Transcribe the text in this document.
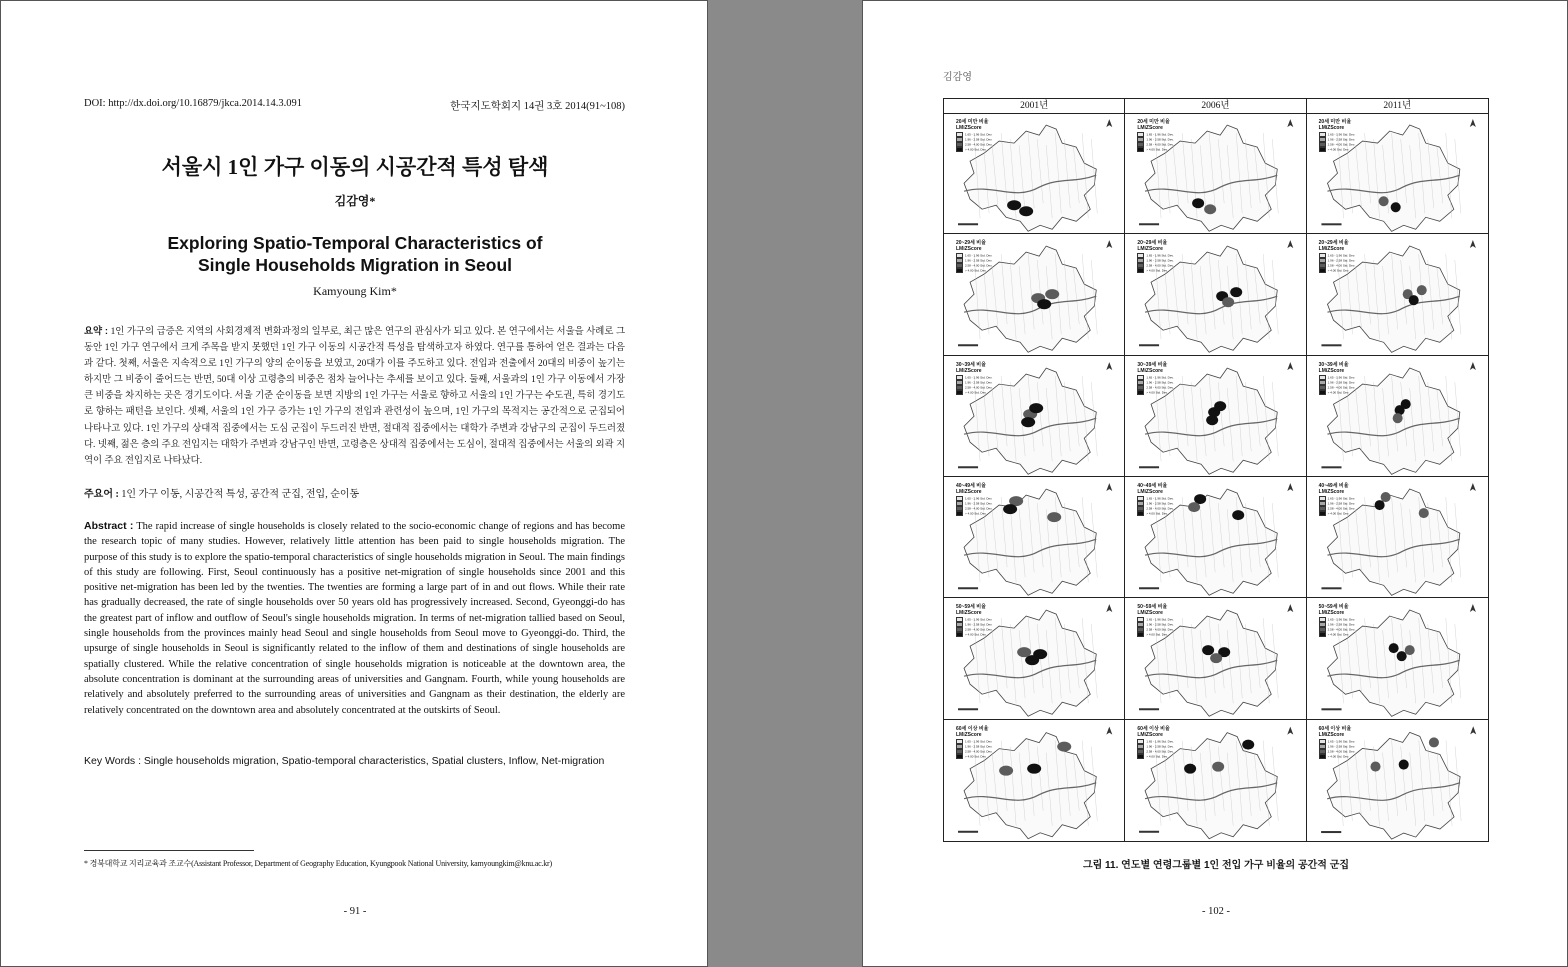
DOI: http://dx.doi.org/10.16879/jkca.2014.14.3.091	한국지도학회지 14권 3호 2014(91~108)
서울시 1인 가구 이동의 시공간적 특성 탐색
김감영*
Exploring Spatio-Temporal Characteristics of
Single Households Migration in Seoul
Kamyoung Kim*
요약 : 1인 가구의 급증은 지역의 사회경제적 변화과정의 일부로, 최근 많은 연구의 관심사가 되고 있다. 본 연구에서는 서울을 사례로 그 동안 1인 가구 연구에서 크게 주목을 받지 못했던 1인 가구 이동의 시공간적 특성을 탐색하고자 하였다. 연구를 통하여 얻은 결과는 다음과 같다. 첫째, 서울은 지속적으로 1인 가구의 양의 순이동을 보였고, 20대가 이를 주도하고 있다. 전입과 전출에서 20대의 비중이 높기는 하지만 그 비중이 줄어드는 반면, 50대 이상 고령층의 비중은 점차 늘어나는 추세를 보이고 있다. 둘째, 서울과의 1인 가구 이동에서 가장 큰 비중을 차지하는 곳은 경기도이다. 서울 기준 순이동을 보면 지방의 1인 가구는 서울로 향하고 서울의 1인 가구는 수도권, 특히 경기도로 향하는 패턴을 보인다. 셋째, 서울의 1인 가구 증가는 1인 가구의 전입과 관련성이 높으며, 1인 가구의 목적지는 공간적으로 군집되어 나타나고 있다. 1인 가구의 상대적 집중에서는 도심 군집이 두드러진 반면, 절대적 집중에서는 대학가 주변과 강남구의 군집이 두드러졌다. 넷째, 젊은 층의 주요 전입지는 대학가 주변과 강남구인 반면, 고령층은 상대적 집중에서는 도심이, 절대적 집중에서는 서울의 외곽 지역이 주요 전입지로 나타났다.
주요어 : 1인 가구 이동, 시공간적 특성, 공간적 군집, 전입, 순이동
Abstract : The rapid increase of single households is closely related to the socio-economic change of regions and has become the research topic of many studies. However, relatively little attention has been paid to single households migration. The purpose of this study is to explore the spatio-temporal characteristics of single households migration in Seoul. The main findings of this study are following. First, Seoul continuously has a positive net-migration of single households since 2001 and this positive net-migration has been led by the twenties. The twenties are forming a large part of in and out flows. While their rate has gradually decreased, the rate of single households over 50 years old has progressively increased. Second, Gyeonggi-do has the greatest part of inflow and outflow of Seoul's single households migration. In terms of net-migration tallied based on Seoul, single households from the provinces mainly head Seoul and single households from Seoul move to Gyeonggi-do. Third, the upsurge of single households in Seoul is significantly related to the inflow of them and destinations of single households are spatially clustered. While the relative concentration of single households migration is noticeable at the downtown area, the absolute concentration is dominant at the surrounding areas of universities and Gangnam. Fourth, while young households are relatively and absolutely preferred to the surrounding areas of universities and Gangnam as their destination, the elderly are relatively concentrated on the downtown area and absolutely concentrated at the outskirts of Seoul.
Key Words : Single households migration, Spatio-temporal characteristics, Spatial clusters, Inflow, Net-migration
* 경북대학교 지리교육과 조교수(Assistant Professor, Department of Geography Education, Kyungpook National University, kamyoungkim@knu.ac.kr)
- 91 -
김감영
2001년	2006년	2011년
20세 미만 비율
LMiZScore
1.65 - 1.96 Std. Dev.
1.96 - 2.58 Std. Dev.
2.58 - 4.00 Std. Dev.
> 4.00 Std. Dev.
20세 미만 비율
LMiZScore
1.65 - 1.96 Std. Dev.
1.96 - 2.58 Std. Dev.
2.58 - 4.00 Std. Dev.
> 4.00 Std. Dev.
20세 미만 비율
LMiZScore
1.65 - 1.96 Std. Dev.
1.96 - 2.58 Std. Dev.
2.58 - 4.00 Std. Dev.
> 4.00 Std. Dev.
20~29세 비율
LMiZScore
1.65 - 1.96 Std. Dev.
1.96 - 2.58 Std. Dev.
2.58 - 4.00 Std. Dev.
> 4.00 Std. Dev.
20~29세 비율
LMiZScore
1.65 - 1.96 Std. Dev.
1.96 - 2.58 Std. Dev.
2.58 - 4.00 Std. Dev.
> 4.00 Std. Dev.
20~29세 비율
LMiZScore
1.65 - 1.96 Std. Dev.
1.96 - 2.58 Std. Dev.
2.58 - 4.00 Std. Dev.
> 4.00 Std. Dev.
30~39세 비율
LMiZScore
1.65 - 1.96 Std. Dev.
1.96 - 2.58 Std. Dev.
2.58 - 4.00 Std. Dev.
> 4.00 Std. Dev.
30~39세 비율
LMiZScore
1.65 - 1.96 Std. Dev.
1.96 - 2.58 Std. Dev.
2.58 - 4.00 Std. Dev.
> 4.00 Std. Dev.
30~39세 비율
LMiZScore
1.65 - 1.96 Std. Dev.
1.96 - 2.58 Std. Dev.
2.58 - 4.00 Std. Dev.
> 4.00 Std. Dev.
40~49세 비율
LMiZScore
1.65 - 1.96 Std. Dev.
1.96 - 2.58 Std. Dev.
2.58 - 4.00 Std. Dev.
> 4.00 Std. Dev.
40~49세 비율
LMiZScore
1.65 - 1.96 Std. Dev.
1.96 - 2.58 Std. Dev.
2.58 - 4.00 Std. Dev.
> 4.00 Std. Dev.
40~49세 비율
LMiZScore
1.65 - 1.96 Std. Dev.
1.96 - 2.58 Std. Dev.
2.58 - 4.00 Std. Dev.
> 4.00 Std. Dev.
50~59세 비율
LMiZScore
1.65 - 1.96 Std. Dev.
1.96 - 2.58 Std. Dev.
2.58 - 4.00 Std. Dev.
> 4.00 Std. Dev.
50~59세 비율
LMiZScore
1.65 - 1.96 Std. Dev.
1.96 - 2.58 Std. Dev.
2.58 - 4.00 Std. Dev.
> 4.00 Std. Dev.
50~59세 비율
LMiZScore
1.65 - 1.96 Std. Dev.
1.96 - 2.58 Std. Dev.
2.58 - 4.00 Std. Dev.
> 4.00 Std. Dev.
60세 이상 비율
LMiZScore
1.65 - 1.96 Std. Dev.
1.96 - 2.58 Std. Dev.
2.58 - 4.00 Std. Dev.
> 4.00 Std. Dev.
60세 이상 비율
LMiZScore
1.65 - 1.96 Std. Dev.
1.96 - 2.58 Std. Dev.
2.58 - 4.00 Std. Dev.
> 4.00 Std. Dev.
60세 이상 비율
LMiZScore
1.65 - 1.96 Std. Dev.
1.96 - 2.58 Std. Dev.
2.58 - 4.00 Std. Dev.
> 4.00 Std. Dev.
그림 11. 연도별 연령그룹별 1인 전입 가구 비율의 공간적 군집
- 102 -
